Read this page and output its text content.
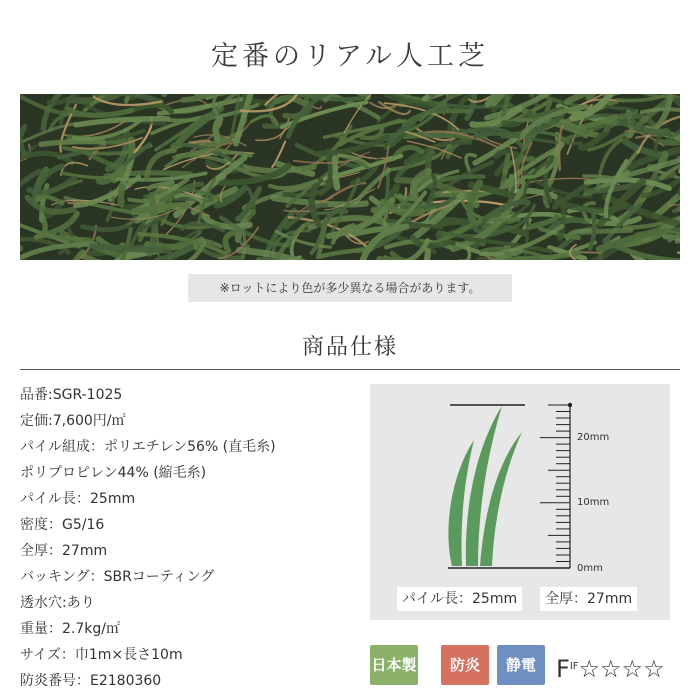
定番のリアル人工芝
※ロットにより色が多少異なる場合があります。
商品仕様
品番:SGR-1025
定価:7,600円/㎡
パイル組成：ポリエチレン56% (直毛糸)
ポリプロピレン44% (縮毛糸)
パイル長：25mm
密度：G5/16
全厚：27mm
バッキング：SBRコーティング
透水穴:あり
重量：2.7kg/㎡
サイズ：巾1m×長さ10m
防炎番号：E2180360
20mm
10mm
0mm
パイル長：25mm	全厚：27mm
日本製	防炎	静電 $F^{IF}☆☆☆☆$
